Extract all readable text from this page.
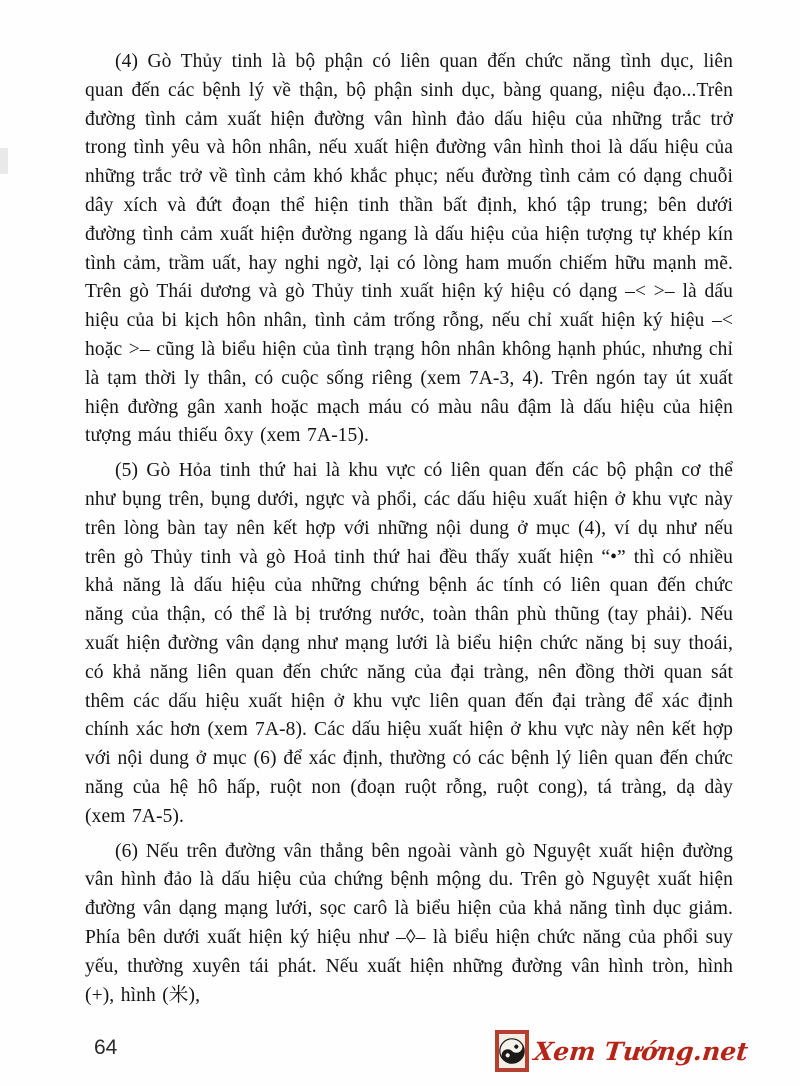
(4) Gò Thủy tinh là bộ phận có liên quan đến chức năng tình dục, liên quan đến các bệnh lý về thận, bộ phận sinh dục, bàng quang, niệu đạo...Trên đường tình cảm xuất hiện đường vân hình đảo dấu hiệu của những trắc trở trong tình yêu và hôn nhân, nếu xuất hiện đường vân hình thoi là dấu hiệu của những trắc trở về tình cảm khó khắc phục; nếu đường tình cảm có dạng chuỗi dây xích và đứt đoạn thể hiện tinh thần bất định, khó tập trung; bên dưới đường tình cảm xuất hiện đường ngang là dấu hiệu của hiện tượng tự khép kín tình cảm, trầm uất, hay nghi ngờ, lại có lòng ham muốn chiếm hữu mạnh mẽ. Trên gò Thái dương và gò Thủy tinh xuất hiện ký hiệu có dạng –< >– là dấu hiệu của bi kịch hôn nhân, tình cảm trống rỗng, nếu chỉ xuất hiện ký hiệu –< hoặc >– cũng là biểu hiện của tình trạng hôn nhân không hạnh phúc, nhưng chỉ là tạm thời ly thân, có cuộc sống riêng (xem 7A-3, 4). Trên ngón tay út xuất hiện đường gân xanh hoặc mạch máu có màu nâu đậm là dấu hiệu của hiện tượng máu thiếu ôxy (xem 7A-15).

(5) Gò Hỏa tinh thứ hai là khu vực có liên quan đến các bộ phận cơ thể như bụng trên, bụng dưới, ngực và phổi, các dấu hiệu xuất hiện ở khu vực này trên lòng bàn tay nên kết hợp với những nội dung ở mục (4), ví dụ như nếu trên gò Thủy tinh và gò Hoả tinh thứ hai đều thấy xuất hiện “•” thì có nhiều khả năng là dấu hiệu của những chứng bệnh ác tính có liên quan đến chức năng của thận, có thể là bị trướng nước, toàn thân phù thũng (tay phải). Nếu xuất hiện đường vân dạng như mạng lưới là biểu hiện chức năng bị suy thoái, có khả năng liên quan đến chức năng của đại tràng, nên đồng thời quan sát thêm các dấu hiệu xuất hiện ở khu vực liên quan đến đại tràng để xác định chính xác hơn (xem 7A-8). Các dấu hiệu xuất hiện ở khu vực này nên kết hợp với nội dung ở mục (6) để xác định, thường có các bệnh lý liên quan đến chức năng của hệ hô hấp, ruột non (đoạn ruột rỗng, ruột cong), tá tràng, dạ dày (xem 7A-5).

(6) Nếu trên đường vân thẳng bên ngoài vành gò Nguyệt xuất hiện đường vân hình đảo là dấu hiệu của chứng bệnh mộng du. Trên gò Nguyệt xuất hiện đường vân dạng mạng lưới, sọc carô là biểu hiện của khả năng tình dục giảm. Phía bên dưới xuất hiện ký hiệu như –◊– là biểu hiện chức năng của phổi suy yếu, thường xuyên tái phát. Nếu xuất hiện những đường vân hình tròn, hình (+), hình (米),

64	Xem Tướng.net
